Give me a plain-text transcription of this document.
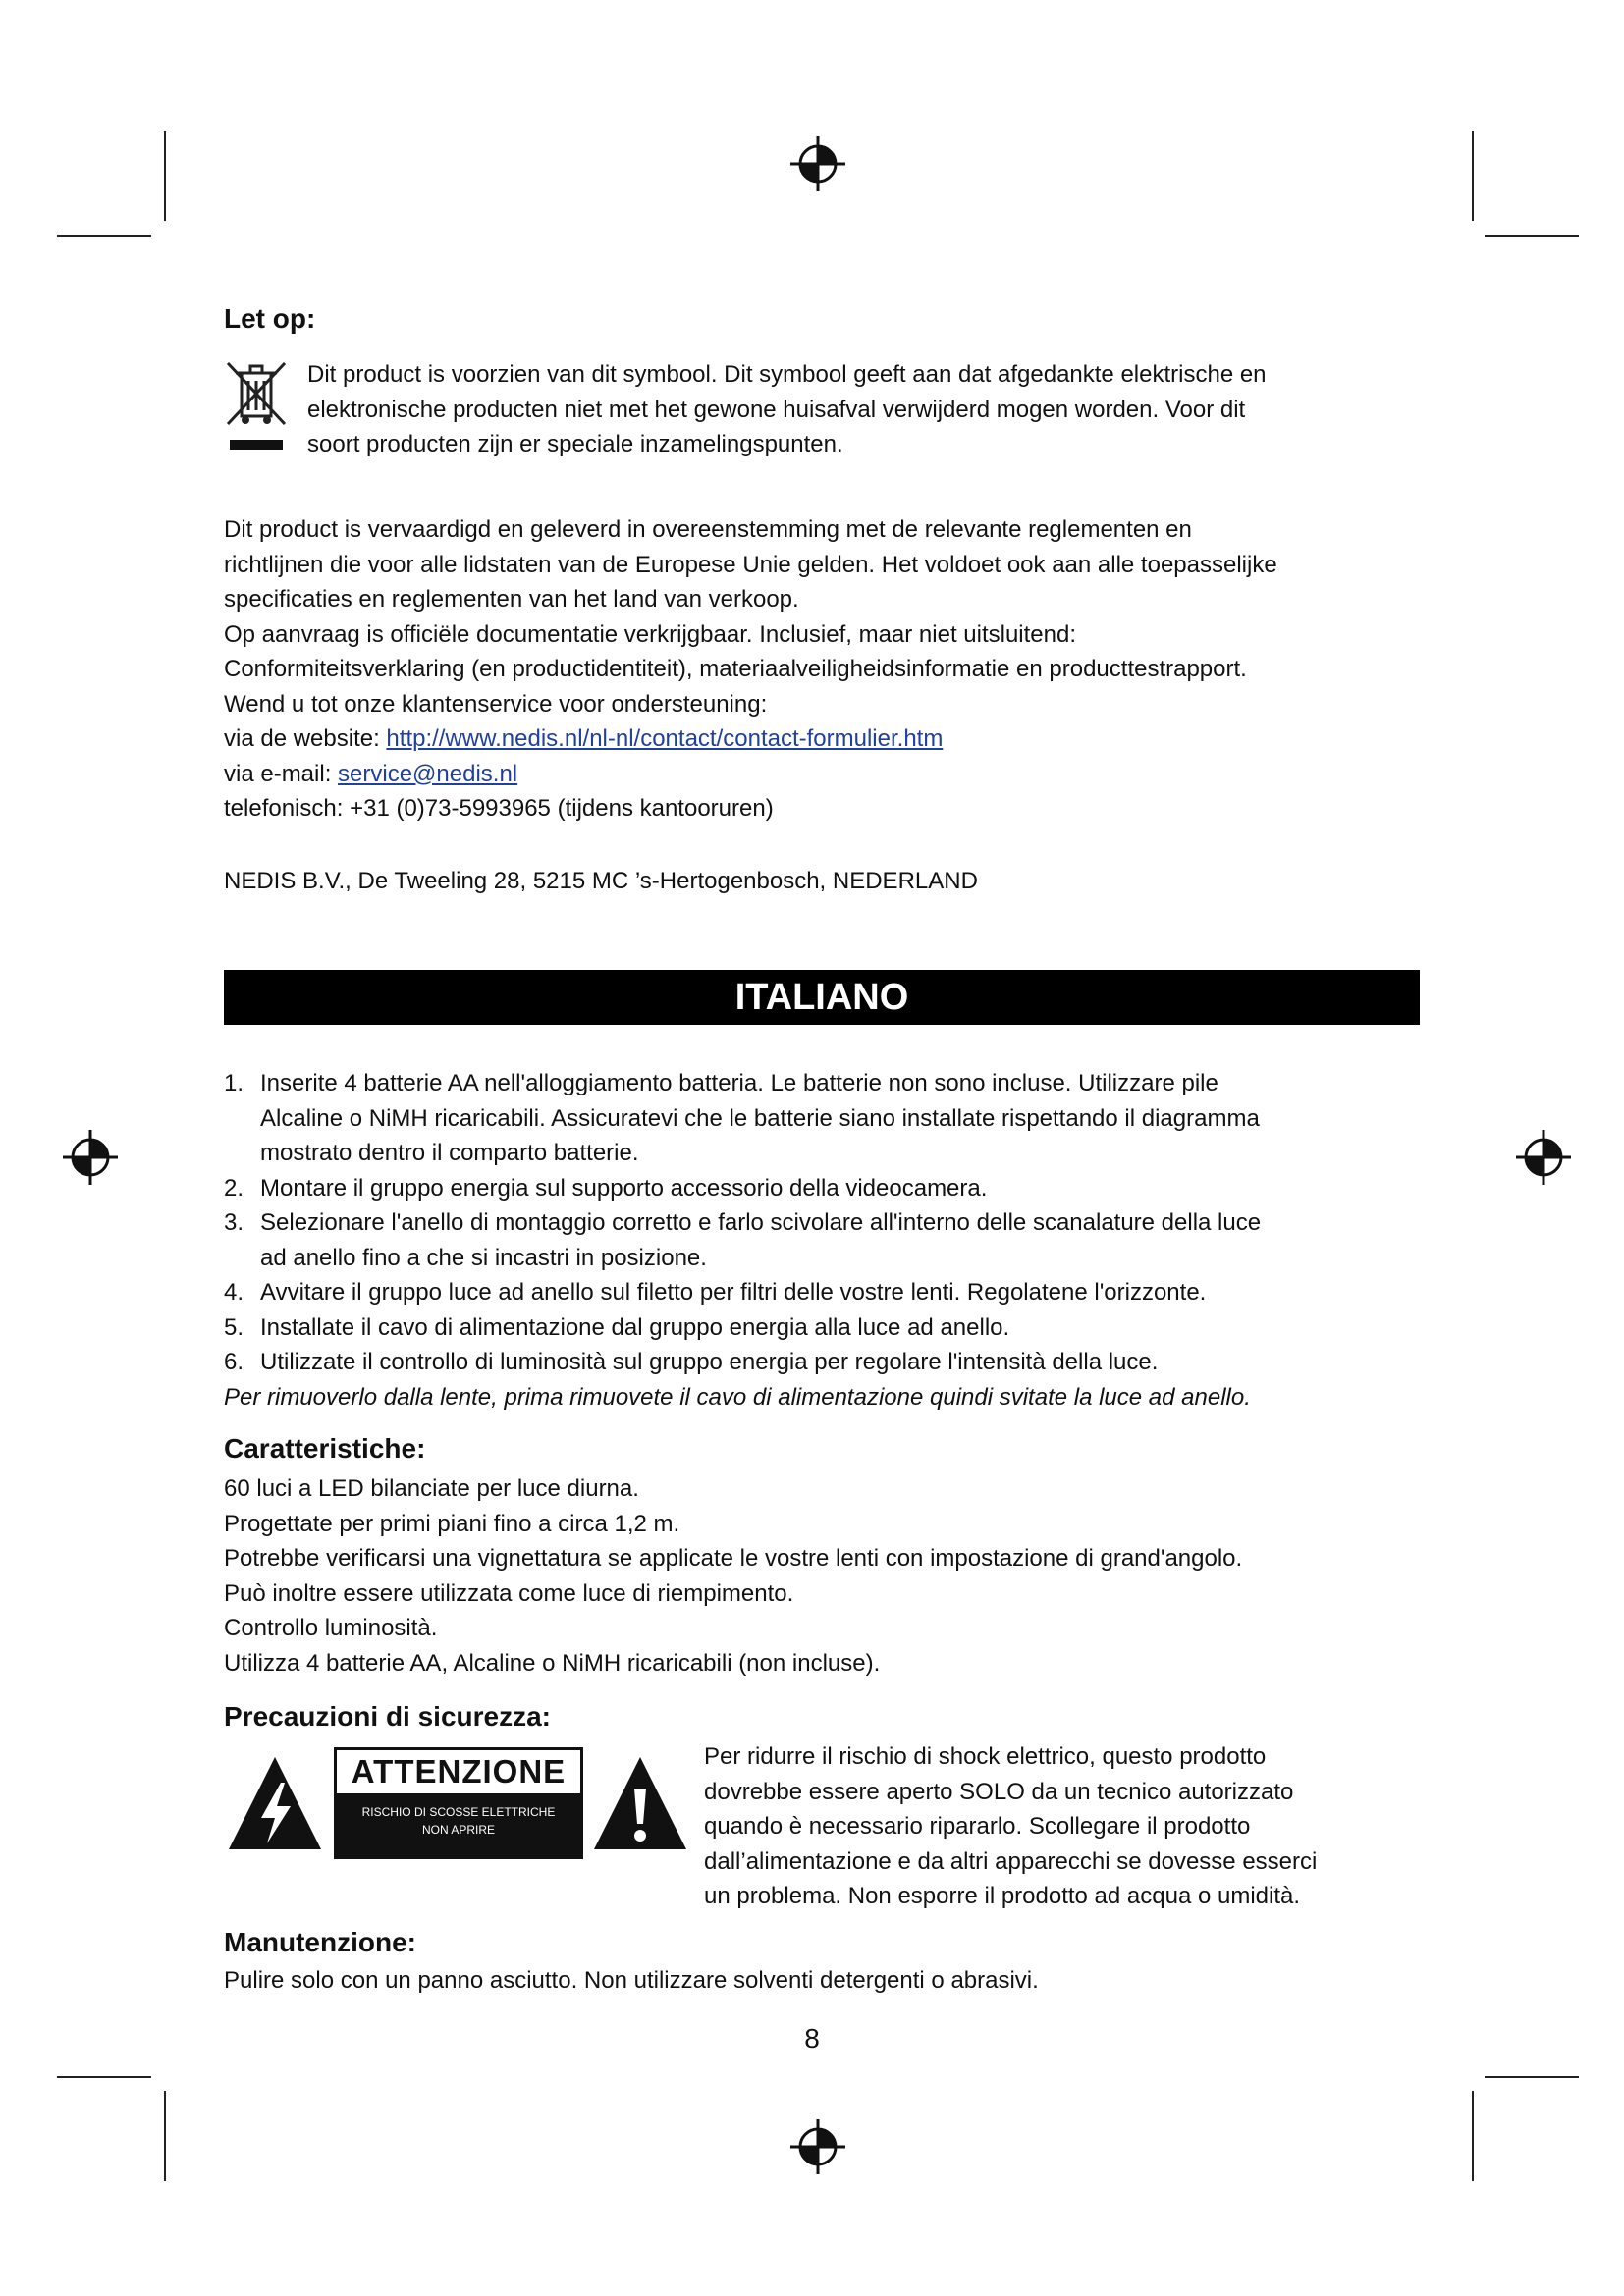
Let op:
Dit product is voorzien van dit symbool. Dit symbool geeft aan dat afgedankte elektrische en
elektronische producten niet met het gewone huisafval verwijderd mogen worden. Voor dit
soort producten zijn er speciale inzamelingspunten.
Dit product is vervaardigd en geleverd in overeenstemming met de relevante reglementen en
richtlijnen die voor alle lidstaten van de Europese Unie gelden. Het voldoet ook aan alle toepasselijke
specificaties en reglementen van het land van verkoop.
Op aanvraag is officiële documentatie verkrijgbaar. Inclusief, maar niet uitsluitend:
Conformiteitsverklaring (en productidentiteit), materiaalveiligheidsinformatie en producttestrapport.
Wend u tot onze klantenservice voor ondersteuning:
via de website: http://www.nedis.nl/nl-nl/contact/contact-formulier.htm
via e-mail: service@nedis.nl
telefonisch: +31 (0)73-5993965 (tijdens kantooruren)
NEDIS B.V., De Tweeling 28, 5215 MC ’s-Hertogenbosch, NEDERLAND
ITALIANO
1. Inserite 4 batterie AA nell'alloggiamento batteria. Le batterie non sono incluse. Utilizzare pile
Alcaline o NiMH ricaricabili. Assicuratevi che le batterie siano installate rispettando il diagramma
mostrato dentro il comparto batterie.
2. Montare il gruppo energia sul supporto accessorio della videocamera.
3. Selezionare l'anello di montaggio corretto e farlo scivolare all'interno delle scanalature della luce
ad anello fino a che si incastri in posizione.
4. Avvitare il gruppo luce ad anello sul filetto per filtri delle vostre lenti. Regolatene l'orizzonte.
5. Installate il cavo di alimentazione dal gruppo energia alla luce ad anello.
6. Utilizzate il controllo di luminosità sul gruppo energia per regolare l'intensità della luce.
Per rimuoverlo dalla lente, prima rimuovete il cavo di alimentazione quindi svitate la luce ad anello.
Caratteristiche:
60 luci a LED bilanciate per luce diurna.
Progettate per primi piani fino a circa 1,2 m.
Potrebbe verificarsi una vignettatura se applicate le vostre lenti con impostazione di grand'angolo.
Può inoltre essere utilizzata come luce di riempimento.
Controllo luminosità.
Utilizza 4 batterie AA, Alcaline o NiMH ricaricabili (non incluse).
Precauzioni di sicurezza:
ATTENZIONE
RISCHIO DI SCOSSE ELETTRICHE
NON APRIRE
Per ridurre il rischio di shock elettrico, questo prodotto
dovrebbe essere aperto SOLO da un tecnico autorizzato
quando è necessario ripararlo. Scollegare il prodotto
dall’alimentazione e da altri apparecchi se dovesse esserci
un problema. Non esporre il prodotto ad acqua o umidità.
Manutenzione:
Pulire solo con un panno asciutto. Non utilizzare solventi detergenti o abrasivi.
8
